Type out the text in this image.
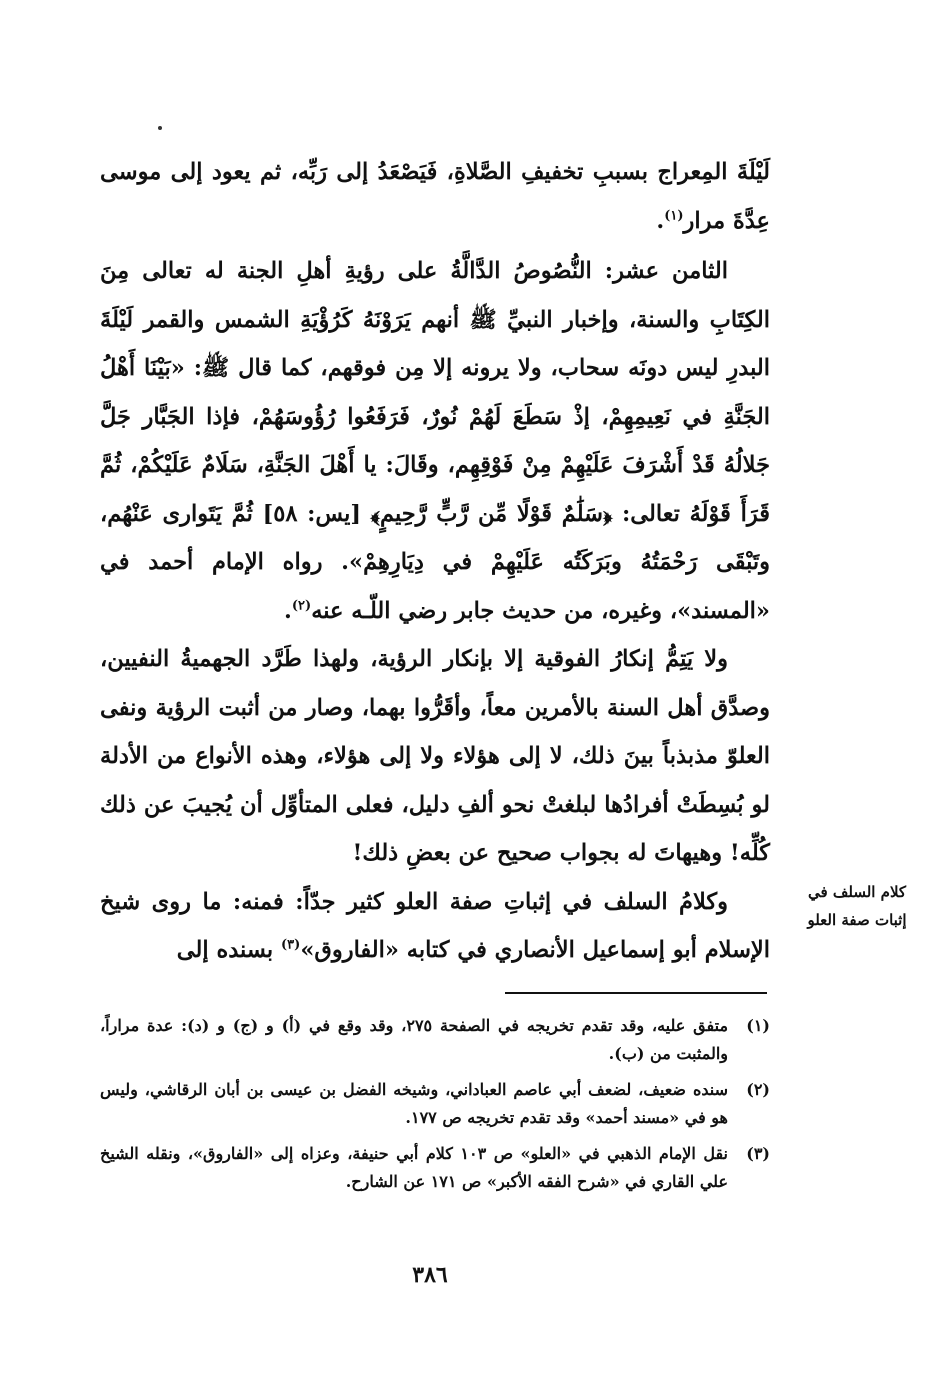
لَيْلَةَ المِعراج بسببِ تخفيفِ الصَّلاةِ، فَيَصْعَدُ إلى رَبِّه، ثم يعود إلى موسى عِدَّةَ مرار$^{(١)}$.

الثامن عشر: النُّصُوصُ الدَّالَّةُ على رؤيةِ أهلِ الجنة له تعالى مِنَ الكِتَابِ والسنة، وإخبار النبيِّ ﷺ أنهم يَرَوْنَهُ كَرُؤْيَةِ الشمس والقمر لَيْلَةَ البدرِ ليس دونَه سحاب، ولا يرونه إلا مِن فوقهم، كما قال ﷺ: «بَيْنَا أَهْلُ الجَنَّةِ في نَعِيمِهِمْ، إذْ سَطَعَ لَهُمْ نُورٌ، فَرَفَعُوا رُؤُوسَهُمْ، فإذا الجَبَّار جَلَّ جَلالُهُ قَدْ أَشْرَفَ عَلَيْهِمْ مِنْ فَوْقِهِم، وقَالَ: يا أَهْلَ الجَنَّةِ، سَلَامٌ عَلَيْكُمْ، ثُمَّ قَرَأَ قَوْلَهُ تعالى: ﴿سَلَٰمٌ قَوْلًا مِّن رَّبٍّ رَّحِيمٍ﴾ [يس: ٥٨] ثُمَّ يَتَوارى عَنْهُم، وتَبْقَى رَحْمَتُهُ وبَرَكَتُه عَلَيْهِمْ في دِيَارِهِمْ». رواه الإمام أحمد في «المسند»، وغيره، من حديث جابر رضي اللّـه عنه$^{(٢)}$.

ولا يَتِمُّ إنكارُ الفوقية إلا بإنكار الرؤية، ولهذا طَرَّد الجهميةُ النفيين، وصدَّق أهل السنة بالأمرين معاً، وأقَرُّوا بهما، وصار من أثبت الرؤية ونفى العلوّ مذبذباً بينَ ذلك، لا إلى هؤلاء ولا إلى هؤلاء، وهذه الأنواع من الأدلة لو بُسِطَتْ أفرادُها لبلغتْ نحو ألفِ دليل، فعلى المتأوِّل أن يُجيبَ عن ذلك كُلِّه! وهيهاتَ له بجواب صحيح عن بعضِ ذلك!

وكلامُ السلف في إثباتِ صفة العلو كثير جدّاً: فمنه: ما روى شيخ الإسلام أبو إسماعيل الأنصاري في كتابه «الفاروق»$^{(٣)}$ بسنده إلى

كلام السلف في
إثبات صفة العلو

(١)
متفق عليه، وقد تقدم تخريجه في الصفحة ٢٧٥، وقد وقع في (أ) و (ج) و (د): عدة مراراً، والمثبت من (ب).

(٢)
سنده ضعيف، لضعف أبي عاصم العباداني، وشيخه الفضل بن عيسى بن أبان الرقاشي، وليس هو في «مسند أحمد» وقد تقدم تخريجه ص ١٧٧.

(٣)
نقل الإمام الذهبي في «العلو» ص ١٠٣ كلام أبي حنيفة، وعزاه إلى «الفاروق»، ونقله الشيخ علي القاري في «شرح الفقه الأكبر» ص ١٧١ عن الشارح.

٣٨٦
